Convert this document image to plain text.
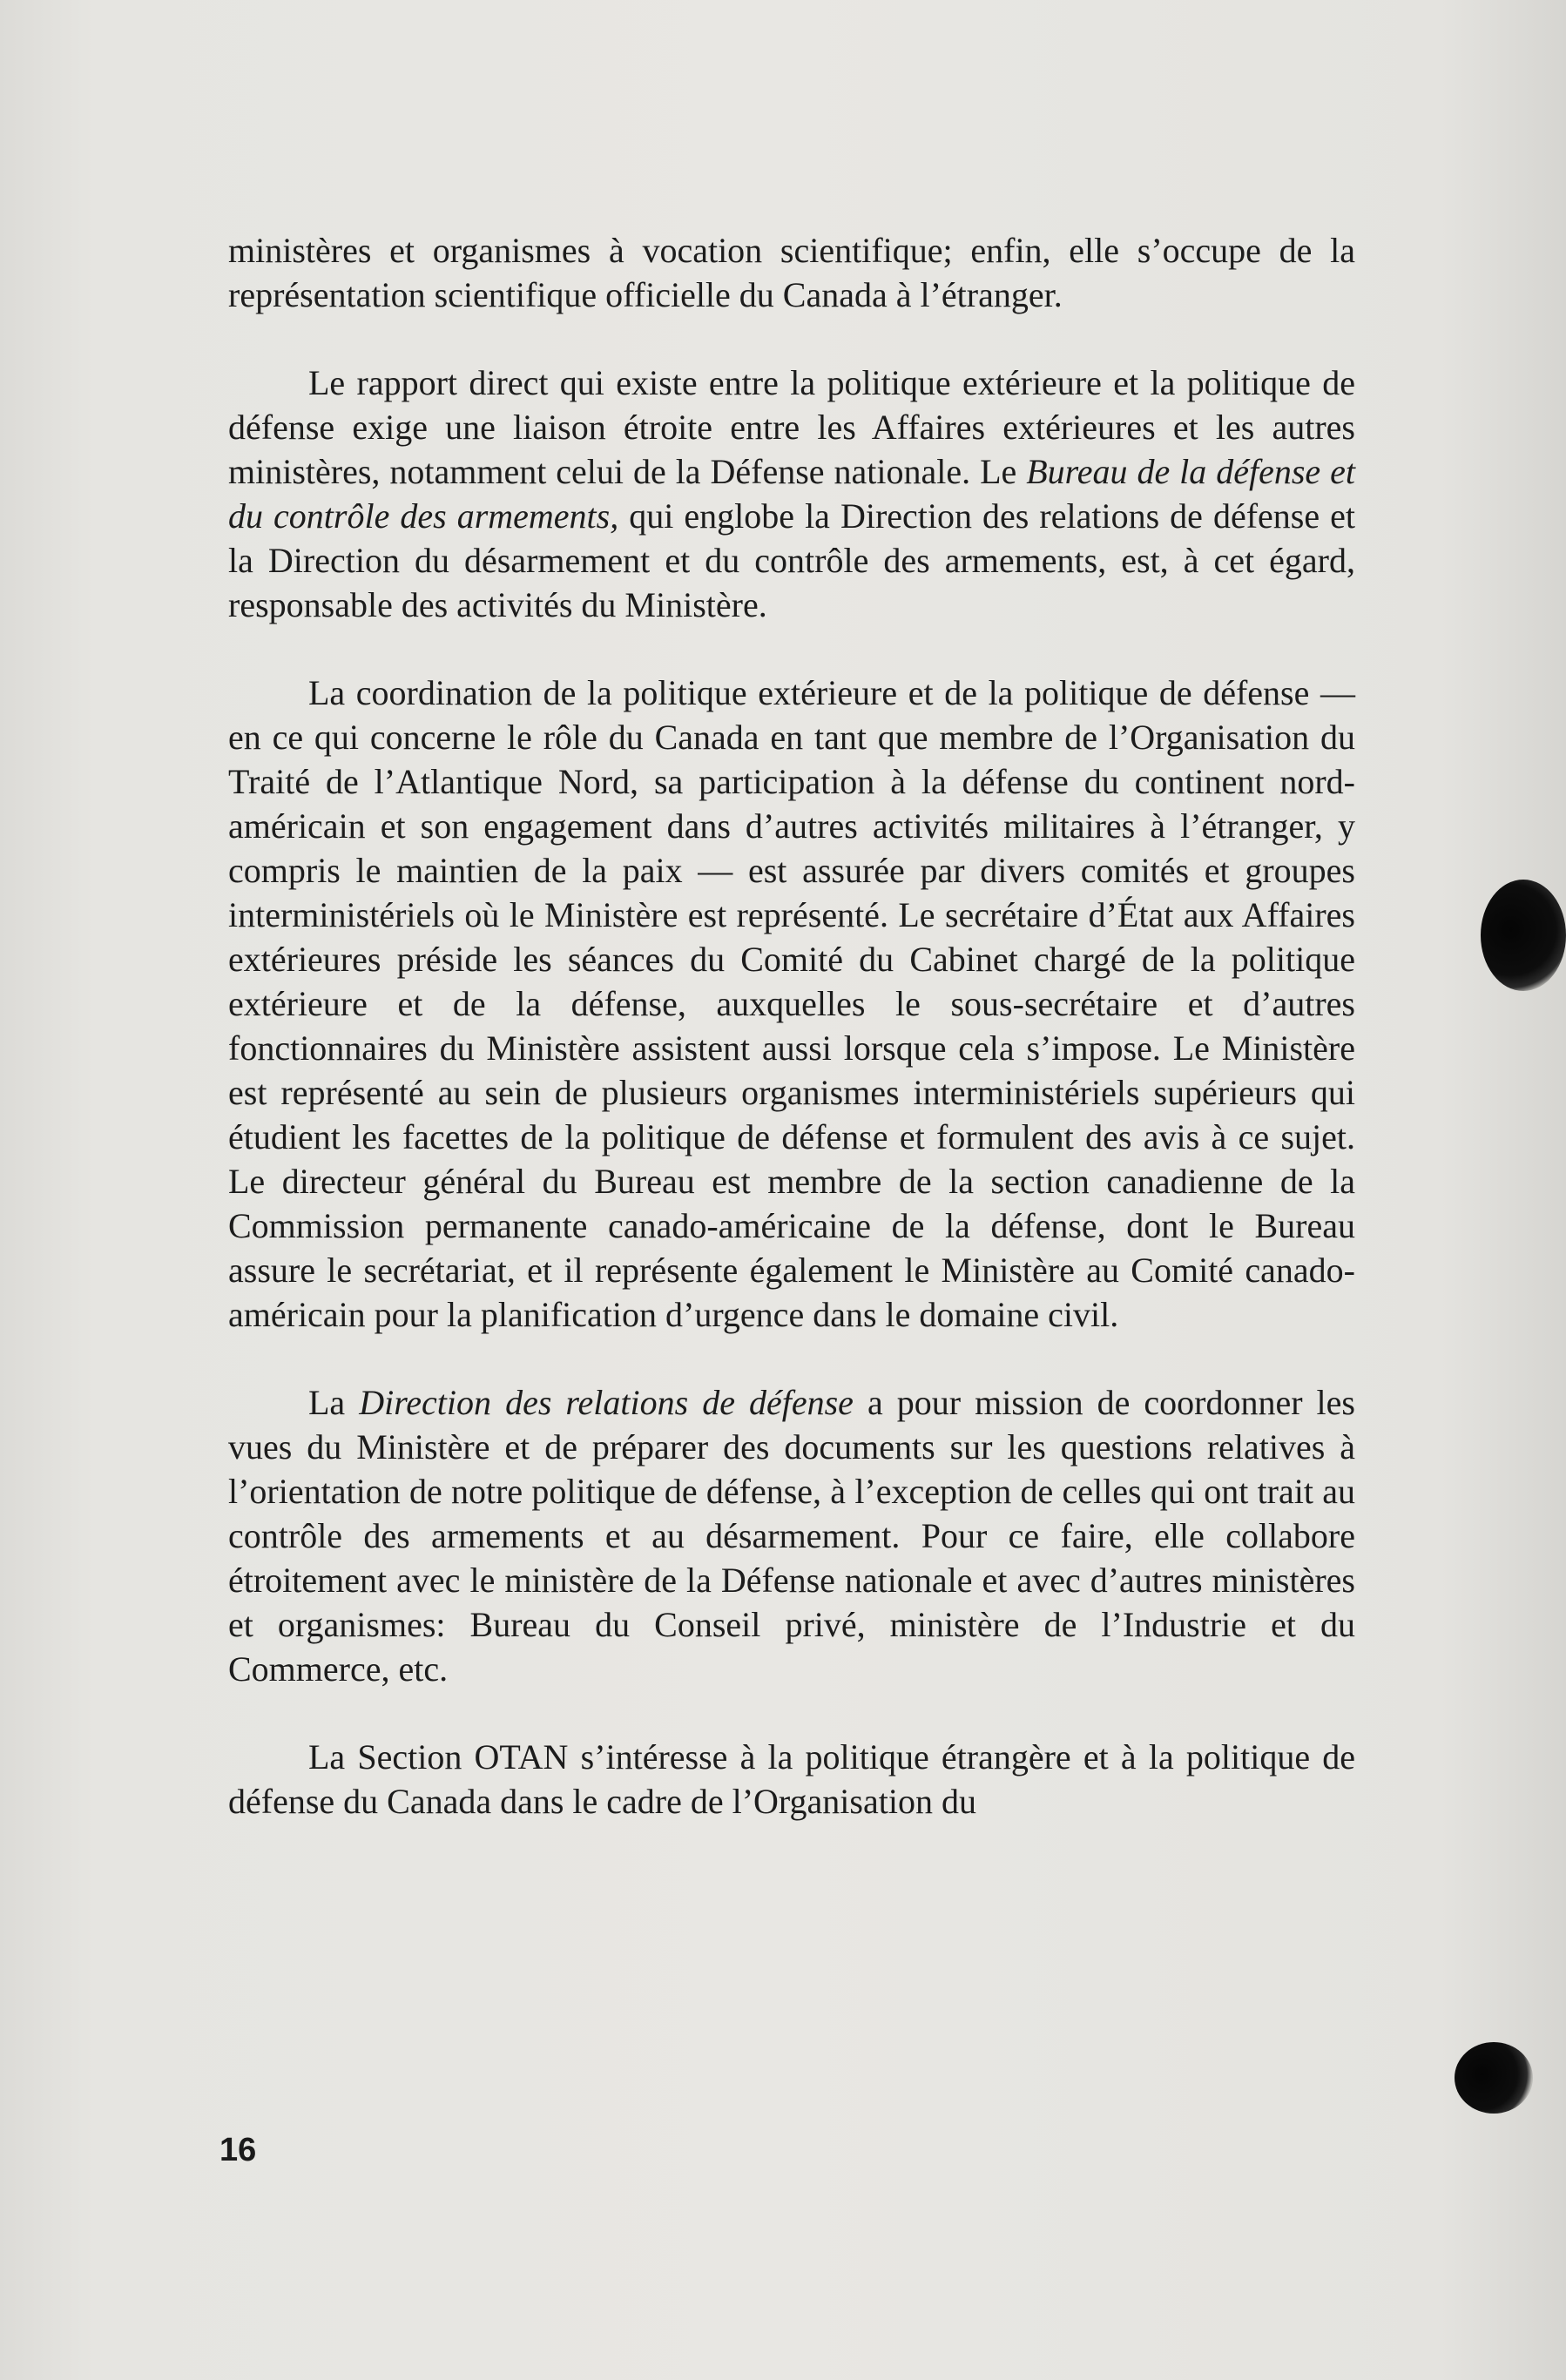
ministères et organismes à vocation scientifique; enfin, elle s’occupe de la représentation scientifique officielle du Canada à l’étranger.

Le rapport direct qui existe entre la politique extérieure et la politique de défense exige une liaison étroite entre les Affaires extérieures et les autres ministères, notamment celui de la Défense nationale. Le Bureau de la défense et du contrôle des armements, qui englobe la Direction des relations de défense et la Direction du désarmement et du contrôle des armements, est, à cet égard, responsable des activités du Ministère.

La coordination de la politique extérieure et de la politique de défense — en ce qui concerne le rôle du Canada en tant que membre de l’Organisation du Traité de l’Atlantique Nord, sa participation à la défense du continent nord-américain et son engagement dans d’autres activités militaires à l’étranger, y compris le maintien de la paix — est assurée par divers comités et groupes interministériels où le Ministère est représenté. Le secrétaire d’État aux Affaires extérieures préside les séances du Comité du Cabinet chargé de la politique extérieure et de la défense, auxquelles le sous-secrétaire et d’autres fonctionnaires du Ministère assistent aussi lorsque cela s’impose. Le Ministère est représenté au sein de plusieurs organismes interministériels supérieurs qui étudient les facettes de la politique de défense et formulent des avis à ce sujet. Le directeur général du Bureau est membre de la section canadienne de la Commission permanente canado-américaine de la défense, dont le Bureau assure le secrétariat, et il représente également le Ministère au Comité canado-américain pour la planification d’urgence dans le domaine civil.

La Direction des relations de défense a pour mission de coordonner les vues du Ministère et de préparer des documents sur les questions relatives à l’orientation de notre politique de défense, à l’exception de celles qui ont trait au contrôle des armements et au désarmement. Pour ce faire, elle collabore étroitement avec le ministère de la Défense nationale et avec d’autres ministères et organismes: Bureau du Conseil privé, ministère de l’Industrie et du Commerce, etc.

La Section OTAN s’intéresse à la politique étrangère et à la politique de défense du Canada dans le cadre de l’Organisation du

16
